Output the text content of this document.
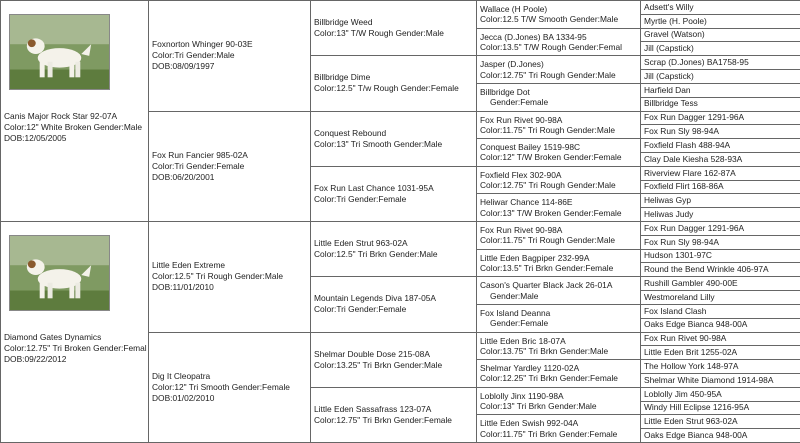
Canis Major Rock Star 92-07A
Color:12" White Broken Gender:Male
DOB:12/05/2005
Foxnorton Whinger 90-03E
Color:Tri Gender:Male
DOB:08/09/1997
Billbridge Weed
Color:13" T/W Rough Gender:Male
Wallace (H Poole)
Color:12.5 T/W Smooth Gender:Male
Adsett's Willy
Myrtle (H. Poole)
Jecca (D.Jones) BA 1334-95
Color:13.5" T/W Rough Gender:Femal
Gravel (Watson)
Jill (Capstick)
Billbridge Dime
Color:12.5" T/w Rough Gender:Female
Jasper (D.Jones)
Color:12.75" Tri Rough Gender:Male
Scrap (D.Jones) BA1758-95
Jill (Capstick)
Billbridge Dot
Gender:Female
Harfield Dan
Billbridge Tess
Fox Run Fancier 985-02A
Color:Tri Gender:Female
DOB:06/20/2001
Conquest Rebound
Color:13" Tri Smooth Gender:Male
Fox Run Rivet 90-98A
Color:11.75" Tri Rough Gender:Male
Fox Run Dagger 1291-96A
Fox Run Sly 98-94A
Conquest Bailey 1519-98C
Color:12" T/W Broken Gender:Female
Foxfield Flash 488-94A
Clay Dale Kiesha 528-93A
Fox Run Last Chance 1031-95A
Color:Tri Gender:Female
Foxfield Flex 302-90A
Color:12.75" Tri Rough Gender:Male
Riverview Flare 162-87A
Foxfield Flirt 168-86A
Heliwar Chance 114-86E
Color:13" T/W Broken Gender:Female
Heliwas Gyp
Heliwas Judy
Diamond Gates Dynamics
Color:12.75" Tri Broken Gender:Femal
DOB:09/22/2012
Little Eden Extreme
Color:12.5" Tri Rough Gender:Male
DOB:11/01/2010
Little Eden Strut 963-02A
Color:12.5" Tri Brkn Gender:Male
Fox Run Rivet 90-98A
Color:11.75" Tri Rough Gender:Male
Fox Run Dagger 1291-96A
Fox Run Sly 98-94A
Little Eden Bagpiper 232-99A
Color:13.5" Tri Brkn Gender:Female
Hudson 1301-97C
Round the Bend Wrinkle 406-97A
Mountain Legends Diva 187-05A
Color:Tri Gender:Female
Cason's Quarter Black Jack 26-01A
Gender:Male
Rushill Gambler 490-00E
Westmoreland Lilly
Fox Island Deanna
Gender:Female
Fox Island Clash
Oaks Edge Bianca 948-00A
Dig It Cleopatra
Color:12" Tri Smooth Gender:Female
DOB:01/02/2010
Shelmar Double Dose 215-08A
Color:13.25" Tri Brkn Gender:Male
Little Eden Bric 18-07A
Color:13.75" Tri Brkn Gender:Male
Fox Run Rivet 90-98A
Little Eden Brit 1255-02A
Shelmar Yardley 1120-02A
Color:12.25" Tri Brkn Gender:Female
The Hollow York 148-97A
Shelmar White Diamond 1914-98A
Little Eden Sassafrass 123-07A
Color:12.75" Tri Brkn Gender:Female
Loblolly Jinx 1190-98A
Color:13" Tri Brkn Gender:Male
Loblolly Jim 450-95A
Windy Hill Eclipse 1216-95A
Little Eden Swish 992-04A
Color:11.75" Tri Brkn Gender:Female
Little Eden Strut 963-02A
Oaks Edge Bianca 948-00A
